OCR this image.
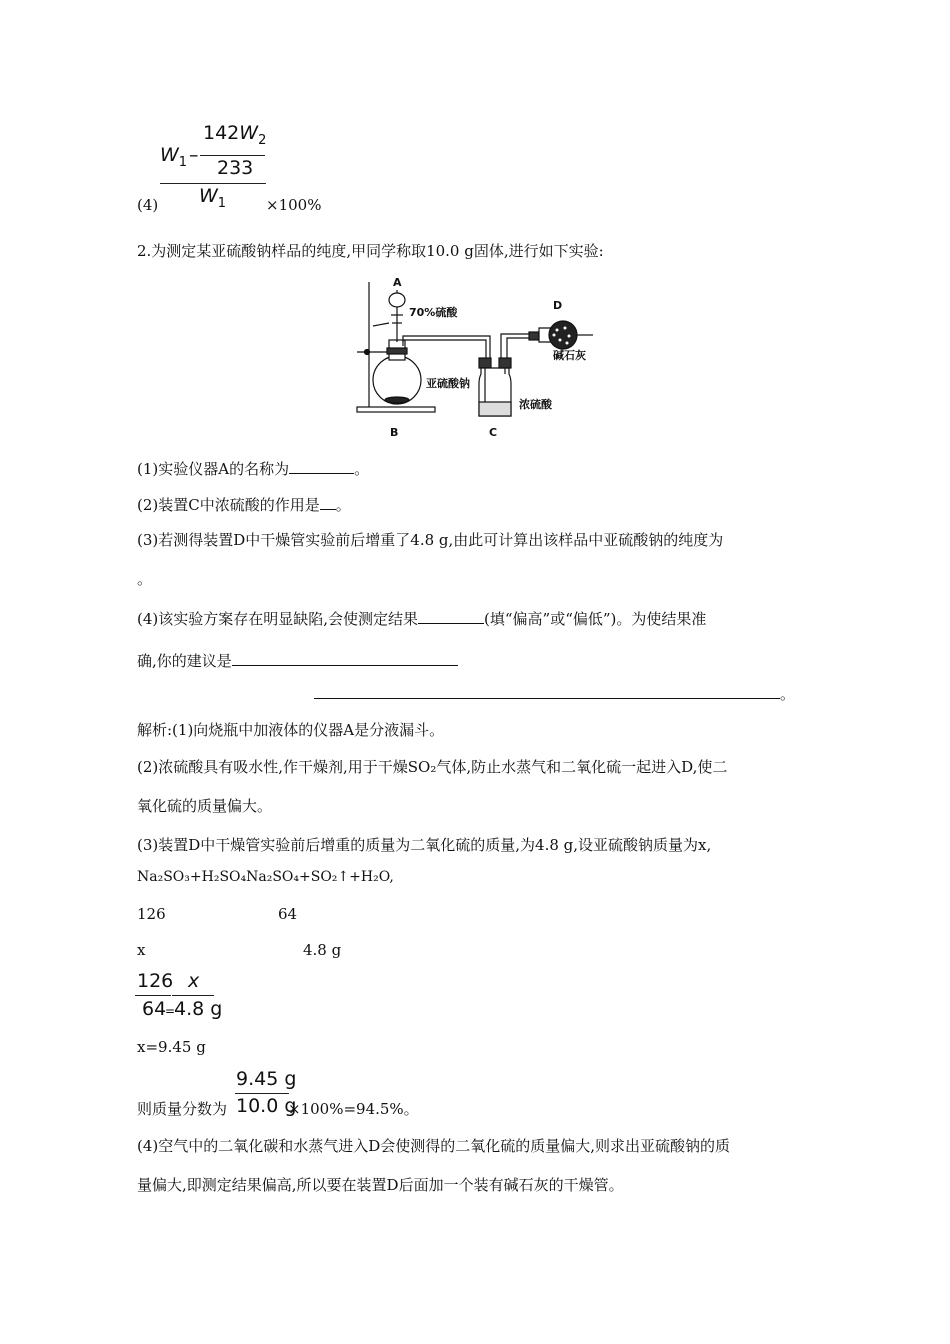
$142W_2$
233
$W_1$ –
$W_1$
(4)	×100%
2.为测定某亚硫酸钠样品的纯度,甲同学称取10.0 g固体,进行如下实验:
A
70%硫酸
亚硫酸钠
B	C
D
浓硫酸
碱石灰
(1)实验仪器A的名称为	。
(2)装置C中浓硫酸的作用是 。
(3)若测得装置D中干燥管实验前后增重了4.8 g,由此可计算出该样品中亚硫酸钠的纯度为
。
(4)该实验方案存在明显缺陷,会使测定结果	(填“偏高”或“偏低”)。为使结果准
确,你的建议是
。
解析:(1)向烧瓶中加液体的仪器A是分液漏斗。
(2)浓硫酸具有吸水性,作干燥剂,用于干燥SO₂气体,防止水蒸气和二氧化硫一起进入D,使二
氧化硫的质量偏大。
(3)装置D中干燥管实验前后增重的质量为二氧化硫的质量,为4.8 g,设亚硫酸钠质量为x,
Na₂SO₃+H₂SO₄Na₂SO₄+SO₂↑+H₂O,
126	64
x	4.8 g
126
64
=
x
4.8 g
x=9.45 g
9.45 g
则质量分数为 10.0 g
×100%=94.5%。
(4)空气中的二氧化碳和水蒸气进入D会使测得的二氧化硫的质量偏大,则求出亚硫酸钠的质
量偏大,即测定结果偏高,所以要在装置D后面加一个装有碱石灰的干燥管。
